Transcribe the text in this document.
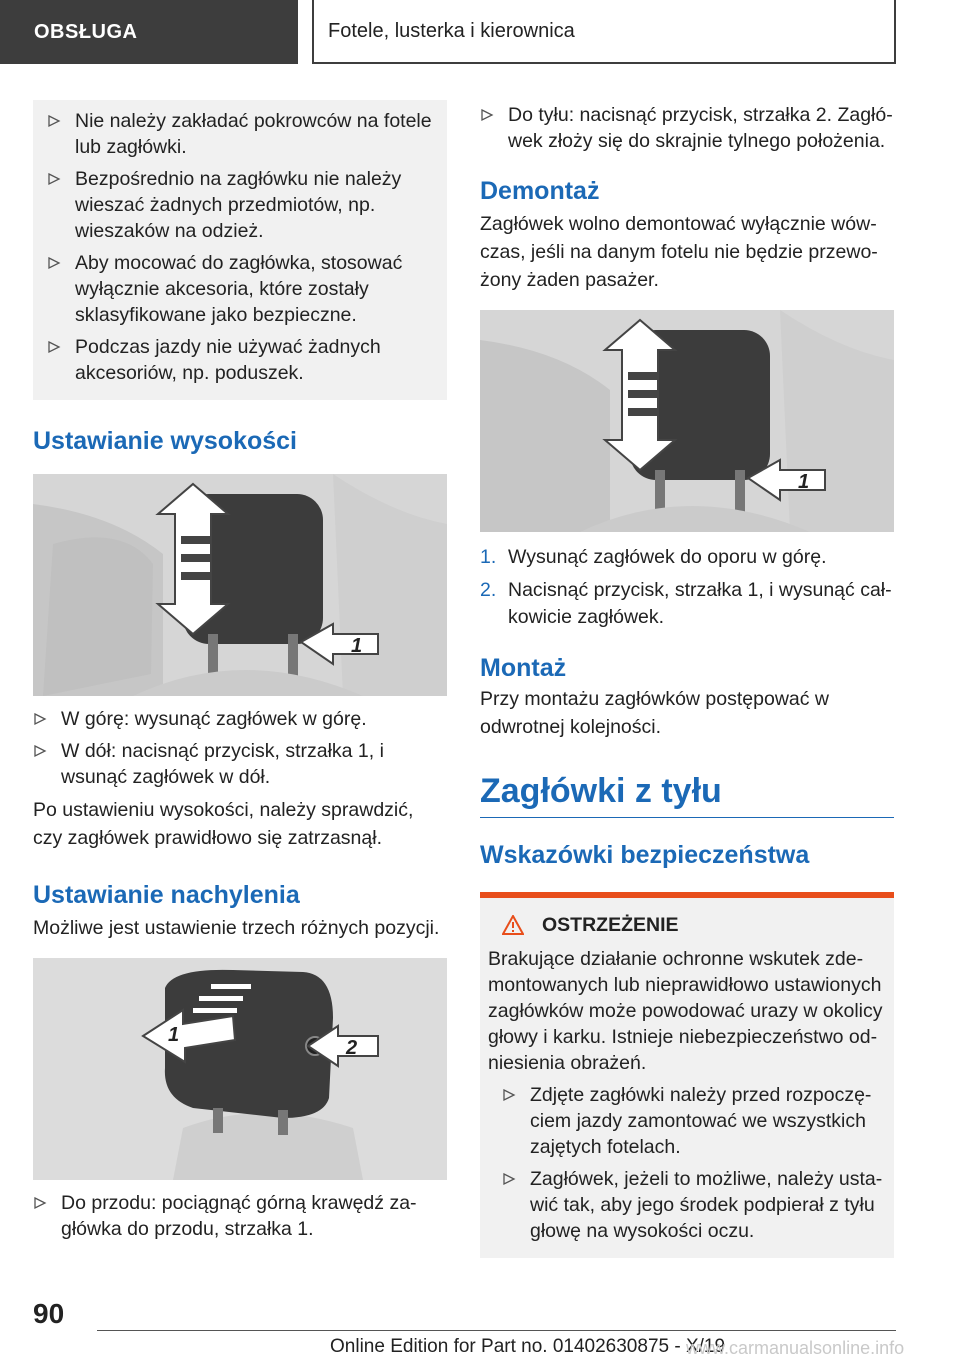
OBSŁUGA	Fotele, lusterka i kierownica
Nie należy zakładać pokrowców na fotele lub zagłówki.
Bezpośrednio na zagłówku nie należy wieszać żadnych przedmiotów, np. wieszaków na odzież.
Aby mocować do zagłówka, stosować wyłącznie akcesoria, które zostały sklasyfikowane jako bezpieczne.
Podczas jazdy nie używać żadnych akcesoriów, np. poduszek.
Ustawianie wysokości
1
W górę: wysunąć zagłówek w górę.
W dół: nacisnąć przycisk, strzałka 1, i wsunąć zagłówek w dół.

Po ustawieniu wysokości, należy sprawdzić, czy zagłówek prawidłowo się zatrzasnął.

Ustawianie nachylenia

Możliwe jest ustawienie trzech różnych pozycji.

1
2
Do przodu: pociągnąć górną krawędź zagłówka do przodu, strzałka 1.
Do tyłu: nacisnąć przycisk, strzałka 2. Zagłówek złoży się do skrajnie tylnego położenia.
Demontaż

Zagłówek wolno demontować wyłącznie wówczas, jeśli na danym fotelu nie będzie przewożony żaden pasażer.

1
1. Wysunąć zagłówek do oporu w górę.
2. Nacisnąć przycisk, strzałka 1, i wysunąć całkowicie zagłówek.
Montaż

Przy montażu zagłówków postępować w odwrotnej kolejności.

Zagłówki z tyłu
Wskazówki bezpieczeństwa
OSTRZEŻENIE

Brakujące działanie ochronne wskutek zdemontowanych lub nieprawidłowo ustawionych zagłówków może powodować urazy w okolicy głowy i karku. Istnieje niebezpieczeństwo odniesienia obrażeń.

Zdjęte zagłówki należy przed rozpoczęciem jazdy zamontować we wszystkich zajętych fotelach.
Zagłówek, jeżeli to możliwe, należy ustawić tak, aby jego środek podpierał z tyłu głowę na wysokości oczu.
90
Online Edition for Part no. 01402630875 - X/19
www.carmanualsonline.info
